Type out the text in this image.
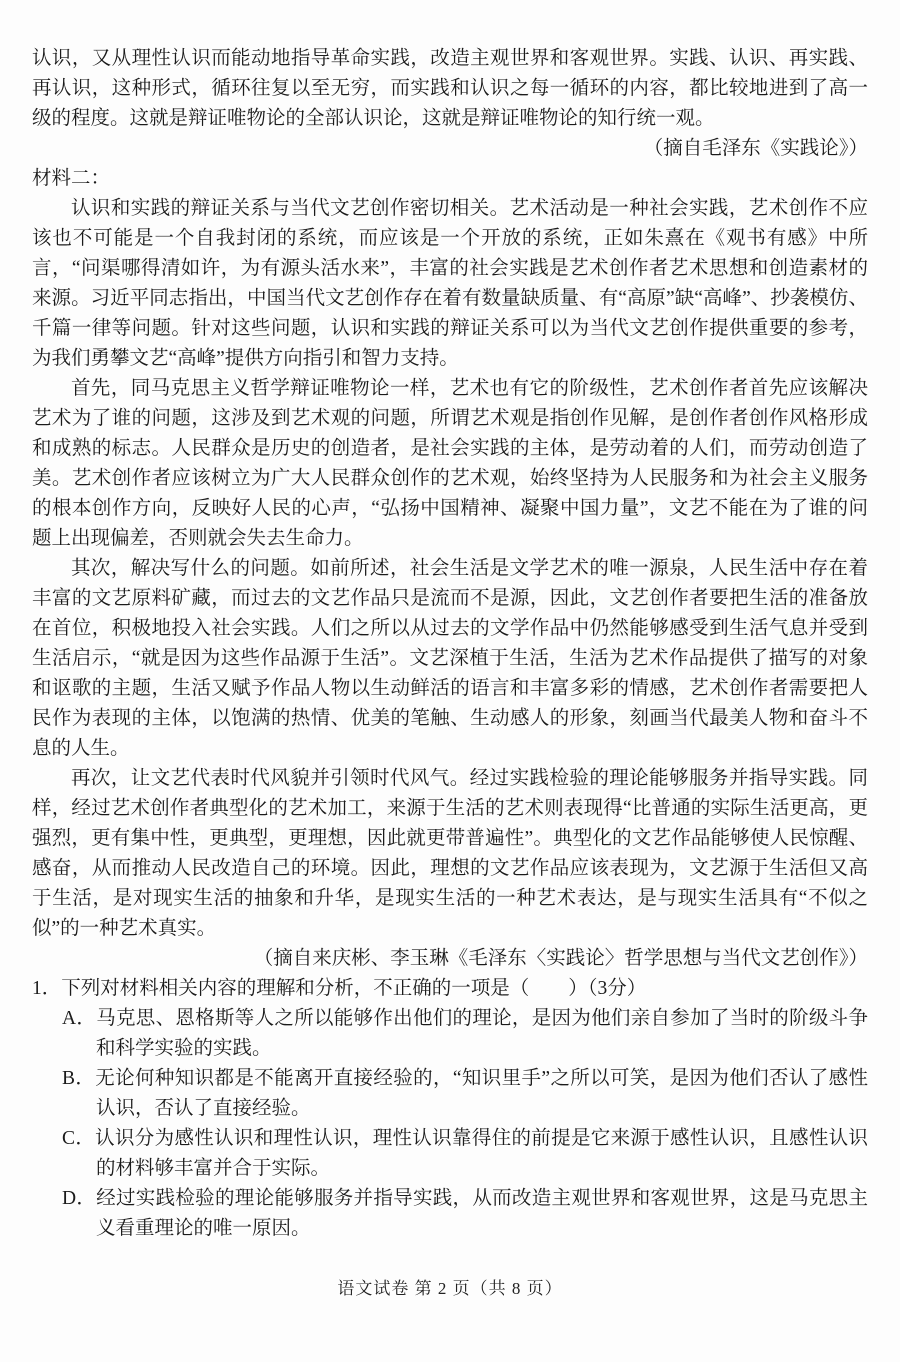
认识，又从理性认识而能动地指导革命实践，改造主观世界和客观世界。实践、认识、再实践、再认识，这种形式，循环往复以至无穷，而实践和认识之每一循环的内容，都比较地进到了高一级的程度。这就是辩证唯物论的全部认识论，这就是辩证唯物论的知行统一观。

（摘自毛泽东《实践论》）

材料二：

认识和实践的辩证关系与当代文艺创作密切相关。艺术活动是一种社会实践，艺术创作不应该也不可能是一个自我封闭的系统，而应该是一个开放的系统，正如朱熹在《观书有感》中所言，“问渠哪得清如许，为有源头活水来”，丰富的社会实践是艺术创作者艺术思想和创造素材的来源。习近平同志指出，中国当代文艺创作存在着有数量缺质量、有“高原”缺“高峰”、抄袭模仿、千篇一律等问题。针对这些问题，认识和实践的辩证关系可以为当代文艺创作提供重要的参考，为我们勇攀文艺“高峰”提供方向指引和智力支持。

首先，同马克思主义哲学辩证唯物论一样，艺术也有它的阶级性，艺术创作者首先应该解决艺术为了谁的问题，这涉及到艺术观的问题，所谓艺术观是指创作见解，是创作者创作风格形成和成熟的标志。人民群众是历史的创造者，是社会实践的主体，是劳动着的人们，而劳动创造了美。艺术创作者应该树立为广大人民群众创作的艺术观，始终坚持为人民服务和为社会主义服务的根本创作方向，反映好人民的心声，“弘扬中国精神、凝聚中国力量”，文艺不能在为了谁的问题上出现偏差，否则就会失去生命力。

其次，解决写什么的问题。如前所述，社会生活是文学艺术的唯一源泉，人民生活中存在着丰富的文艺原料矿藏，而过去的文艺作品只是流而不是源，因此，文艺创作者要把生活的准备放在首位，积极地投入社会实践。人们之所以从过去的文学作品中仍然能够感受到生活气息并受到生活启示，“就是因为这些作品源于生活”。文艺深植于生活，生活为艺术作品提供了描写的对象和讴歌的主题，生活又赋予作品人物以生动鲜活的语言和丰富多彩的情感，艺术创作者需要把人民作为表现的主体，以饱满的热情、优美的笔触、生动感人的形象，刻画当代最美人物和奋斗不息的人生。

再次，让文艺代表时代风貌并引领时代风气。经过实践检验的理论能够服务并指导实践。同样，经过艺术创作者典型化的艺术加工，来源于生活的艺术则表现得“比普通的实际生活更高，更强烈，更有集中性，更典型，更理想，因此就更带普遍性”。典型化的文艺作品能够使人民惊醒、感奋，从而推动人民改造自己的环境。因此，理想的文艺作品应该表现为，文艺源于生活但又高于生活，是对现实生活的抽象和升华，是现实生活的一种艺术表达，是与现实生活具有“不似之似”的一种艺术真实。

（摘自来庆彬、李玉琳《毛泽东〈实践论〉哲学思想与当代文艺创作》）

1．下列对材料相关内容的理解和分析，不正确的一项是（　　）（3分）

A．马克思、恩格斯等人之所以能够作出他们的理论，是因为他们亲自参加了当时的阶级斗争和科学实验的实践。

B．无论何种知识都是不能离开直接经验的，“知识里手”之所以可笑，是因为他们否认了感性认识，否认了直接经验。

C．认识分为感性认识和理性认识，理性认识靠得住的前提是它来源于感性认识，且感性认识的材料够丰富并合于实际。

D．经过实践检验的理论能够服务并指导实践，从而改造主观世界和客观世界，这是马克思主义看重理论的唯一原因。

语文试卷 第 2 页（共 8 页）
